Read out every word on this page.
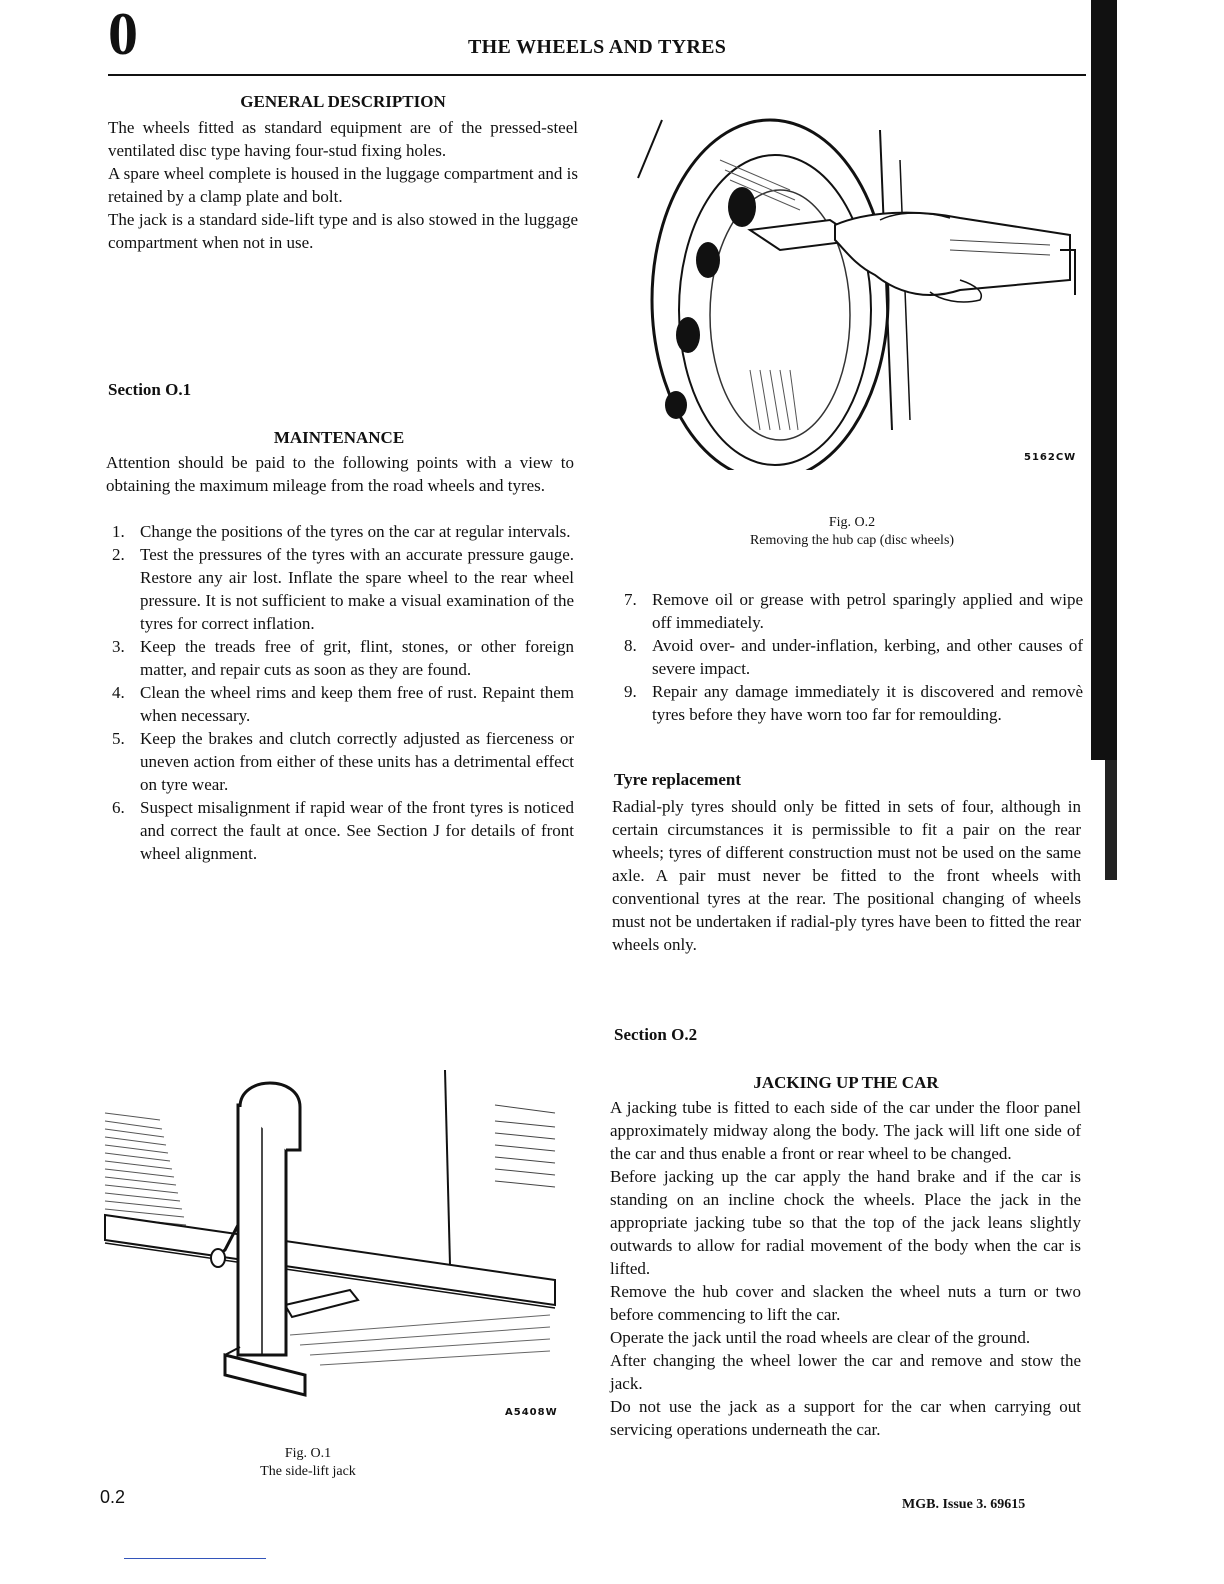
0	THE WHEELS AND TYRES
GENERAL DESCRIPTION

The wheels fitted as standard equipment are of the pressed-steel ventilated disc type having four-stud fixing holes.

A spare wheel complete is housed in the luggage compartment and is retained by a clamp plate and bolt.

The jack is a standard side-lift type and is also stowed in the luggage compartment when not in use.

Section O.1
MAINTENANCE
Attention should be paid to the following points with a view to obtaining the maximum mileage from the road wheels and tyres.
1. Change the positions of the tyres on the car at regular intervals.
2. Test the pressures of the tyres with an accurate pressure gauge. Restore any air lost. Inflate the spare wheel to the rear wheel pressure. It is not sufficient to make a visual examination of the tyres for correct inflation.
3. Keep the treads free of grit, flint, stones, or other foreign matter, and repair cuts as soon as they are found.
4. Clean the wheel rims and keep them free of rust. Repaint them when necessary.
5. Keep the brakes and clutch correctly adjusted as fierceness or uneven action from either of these units has a detrimental effect on tyre wear.
6. Suspect misalignment if rapid wear of the front tyres is noticed and correct the fault at once. See Section J for details of front wheel alignment.
5162CW
Fig. O.2
Removing the hub cap (disc wheels)
7. Remove oil or grease with petrol sparingly applied and wipe off immediately.
8. Avoid over- and under-inflation, kerbing, and other causes of severe impact.
9. Repair any damage immediately it is discovered and removè tyres before they have worn too far for remoulding.
Tyre replacement
Radial-ply tyres should only be fitted in sets of four, although in certain circumstances it is permissible to fit a pair on the rear wheels; tyres of different construction must not be used on the same axle. A pair must never be fitted to the front wheels with conventional tyres at the rear. The positional changing of wheels must not be undertaken if radial-ply tyres have been to fitted the rear wheels only.
Section O.2
JACKING UP THE CAR

A jacking tube is fitted to each side of the car under the floor panel approximately midway along the body. The jack will lift one side of the car and thus enable a front or rear wheel to be changed.

Before jacking up the car apply the hand brake and if the car is standing on an incline chock the wheels. Place the jack in the appropriate jacking tube so that the top of the jack leans slightly outwards to allow for radial movement of the body when the car is lifted.

Remove the hub cover and slacken the wheel nuts a turn or two before commencing to lift the car.

Operate the jack until the road wheels are clear of the ground.

After changing the wheel lower the car and remove and stow the jack.

Do not use the jack as a support for the car when carrying out servicing operations underneath the car.

A5408W
Fig. O.1
The side-lift jack
0.2	MGB. Issue 3. 69615
